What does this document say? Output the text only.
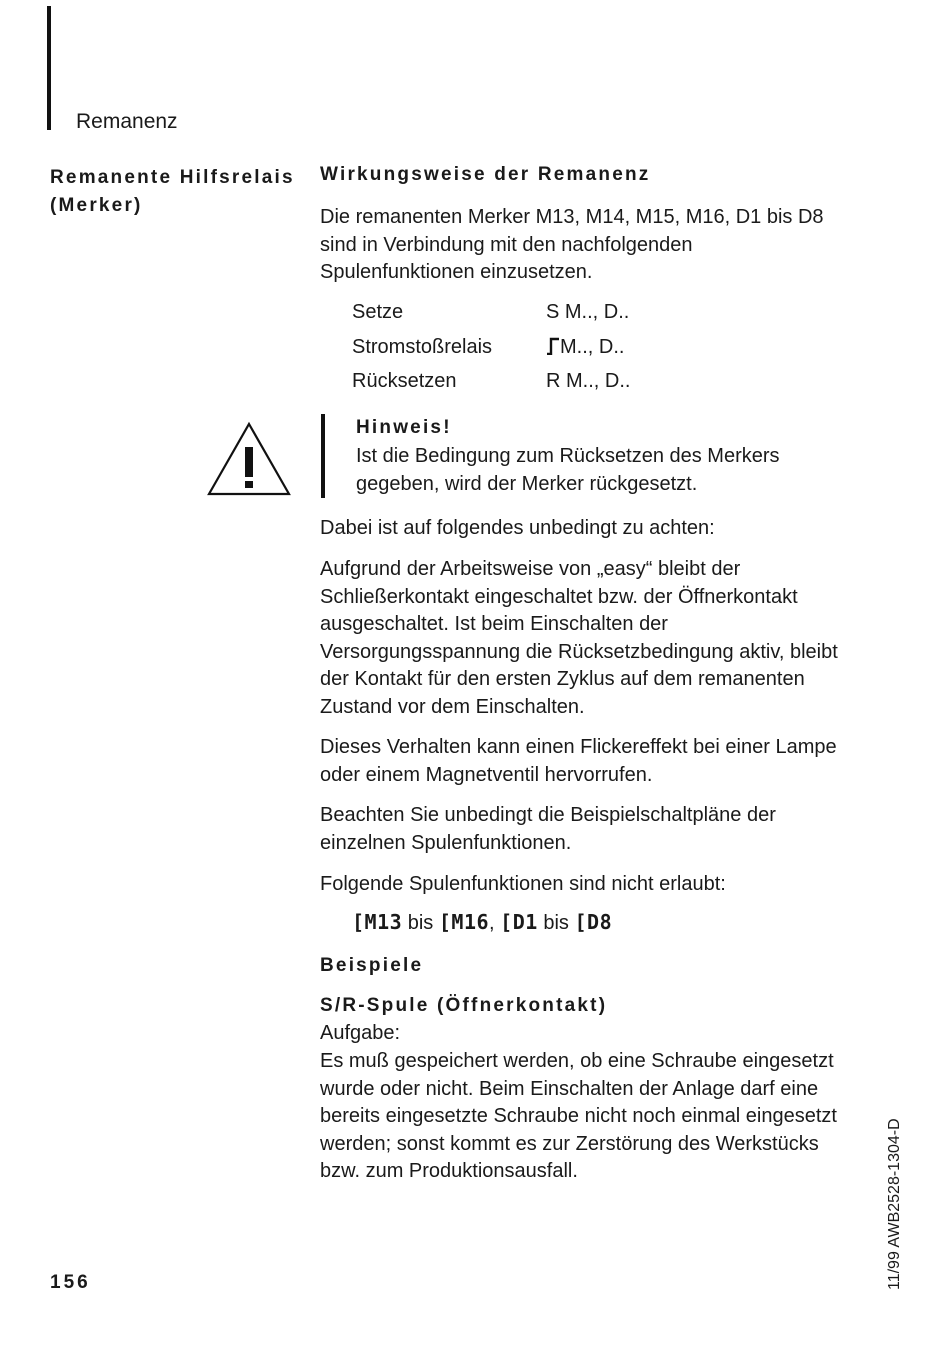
Remanenz
Remanente Hilfsrelais
(Merker)
Wirkungsweise der Remanenz
Die remanenten Merker M13, M14, M15, M16, D1 bis D8 sind in Verbindung mit den nachfolgenden Spulenfunktionen einzusetzen.
Setze	S M.., D..
Stromstoßrelais	M.., D..
Rücksetzen	R M.., D..
Hinweis!
Ist die Bedingung zum Rücksetzen des Merkers gegeben, wird der Merker rückgesetzt.
Dabei ist auf folgendes unbedingt zu achten:
Aufgrund der Arbeitsweise von „easy“ bleibt der Schließerkontakt eingeschaltet bzw. der Öffnerkontakt ausgeschaltet. Ist beim Einschalten der Versorgungsspannung die Rücksetzbedingung aktiv, bleibt der Kontakt für den ersten Zyklus auf dem remanenten Zustand vor dem Einschalten.
Dieses Verhalten kann einen Flickereffekt bei einer Lampe oder einem Magnetventil hervorrufen.
Beachten Sie unbedingt die Beispielschaltpläne der einzelnen Spulenfunktionen.
Folgende Spulenfunktionen sind nicht erlaubt:
[M13 bis [M16, [D1 bis [D8
Beispiele
S/R-Spule (Öffnerkontakt)
Aufgabe:
Es muß gespeichert werden, ob eine Schraube eingesetzt wurde oder nicht. Beim Einschalten der Anlage darf eine bereits eingesetzte Schraube nicht noch einmal eingesetzt werden; sonst kommt es zur Zerstörung des Werkstücks bzw. zum Produktionsausfall.
156	11/99 AWB2528-1304-D
